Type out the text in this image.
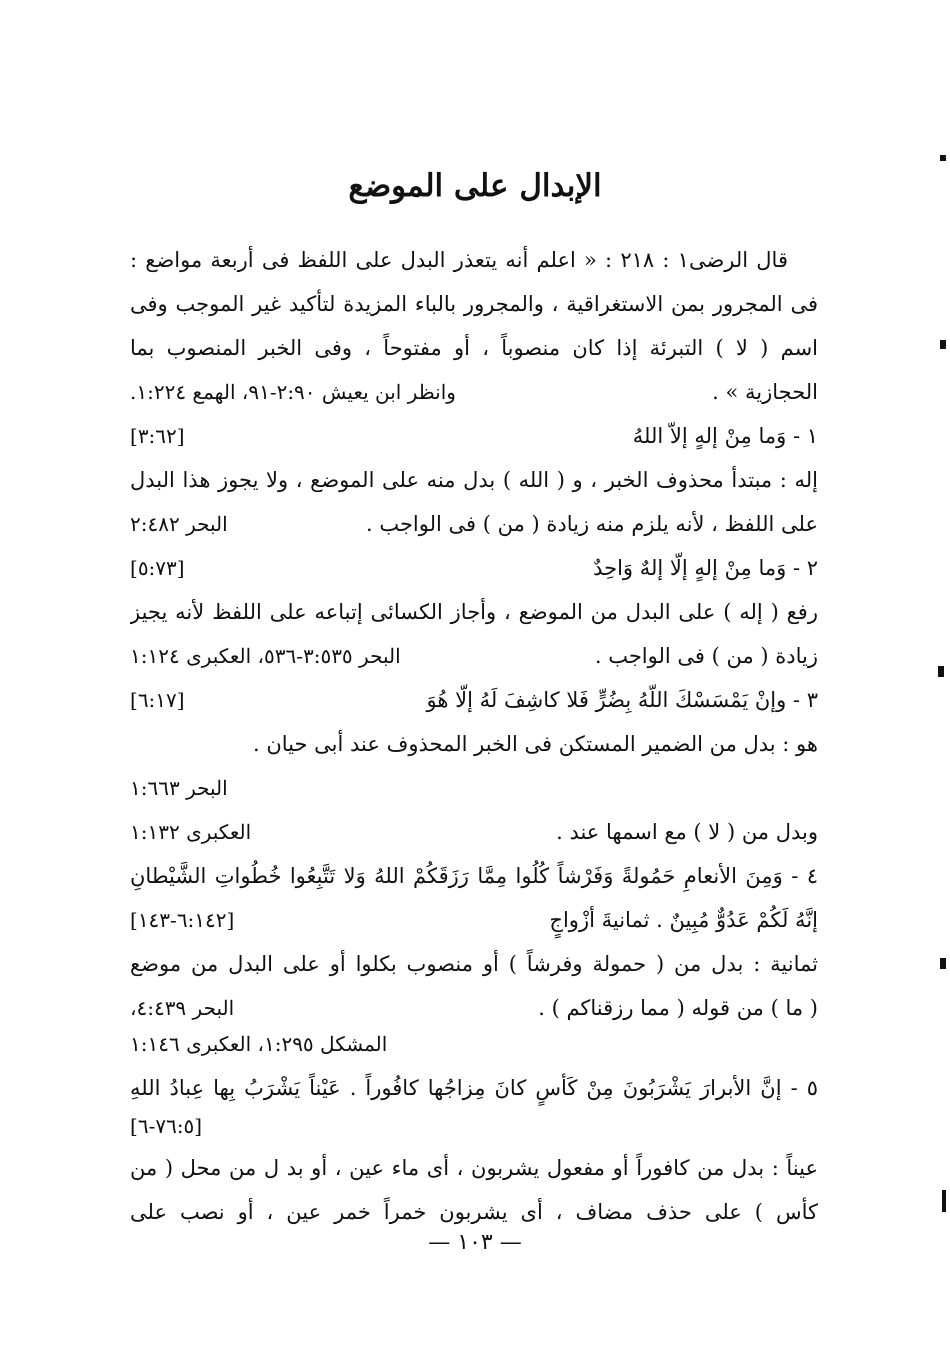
الإبدال على الموضع
قال الرضى١ : ٢١٨ : « اعلم أنه يتعذر البدل على اللفظ فى أربعة مواضع :
فى المجرور بمن الاستغراقية ، والمجرور بالباء المزيدة لتأكيد غير الموجب وفى
اسم ( لا ) التبرئة إذا كان منصوباً ، أو مفتوحاً ، وفى الخبر المنصوب بما
الحجازية » .
وانظر ابن يعيش ٢:٩٠-٩١، الهمع ١:٢٢٤.
١ - وَما مِنْ إلهٍ إلاّ اللهُ
[٣:٦٢]
إله : مبتدأ محذوف الخبر ، و ( الله ) بدل منه على الموضع ، ولا يجوز هذا البدل
على اللفظ ، لأنه يلزم منه زيادة ( من ) فى الواجب .
البحر ٢:٤٨٢
٢ - وَما مِنْ إلهٍ إلّا إلهٌ وَاحِدٌ
[٥:٧٣]
رفع ( إله ) على البدل من الموضع ، وأجاز الكسائى إتباعه على اللفظ لأنه يجيز
زيادة ( من ) فى الواجب .
البحر ٣:٥٣٥-٥٣٦، العكبرى ١:١٢٤
٣ - وإنْ يَمْسَسْكَ اللّهُ بِضُرٍّ فَلا كاشِفَ لَهُ إلّا هُوَ
[٦:١٧]
هو : بدل من الضمير المستكن فى الخبر المحذوف عند أبى حيان .
البحر ١:٦٦٣
وبدل من ( لا ) مع اسمها عند .
العكبرى ١:١٣٢
٤ - وَمِنَ الأنعامِ حَمُولةً وَفَرْشاً كُلُوا مِمَّا رَزَقَكُمْ اللهُ وَلا تَتَّبِعُوا خُطُواتِ الشَّيْطانِ
إنَّهُ لَكُمْ عَدُوٌّ مُبِينٌ . ثمانيةَ أزْواجٍ
[٦:١٤٢-١٤٣]
ثمانية : بدل من ( حمولة وفرشاً ) أو منصوب بكلوا أو على البدل من موضع
( ما ) من قوله ( مما رزقناكم ) .
البحر ٤:٤٣٩،
المشكل ١:٢٩٥، العكبرى ١:١٤٦
٥ - إنَّ الأبرارَ يَشْرَبُونَ مِنْ كَأسٍ كانَ مِزاجُها كافُوراً . عَيْناً يَشْرَبُ بِها عِبادُ اللهِ
[٧٦:٥-٦]
عيناً : بدل من كافوراً أو مفعول يشربون ، أى ماء عين ، أو بد ل من محل ( من
كأس ) على حذف مضاف ، أى يشربون خمراً خمر عين ، أو نصب على
— ١٠٣ —
